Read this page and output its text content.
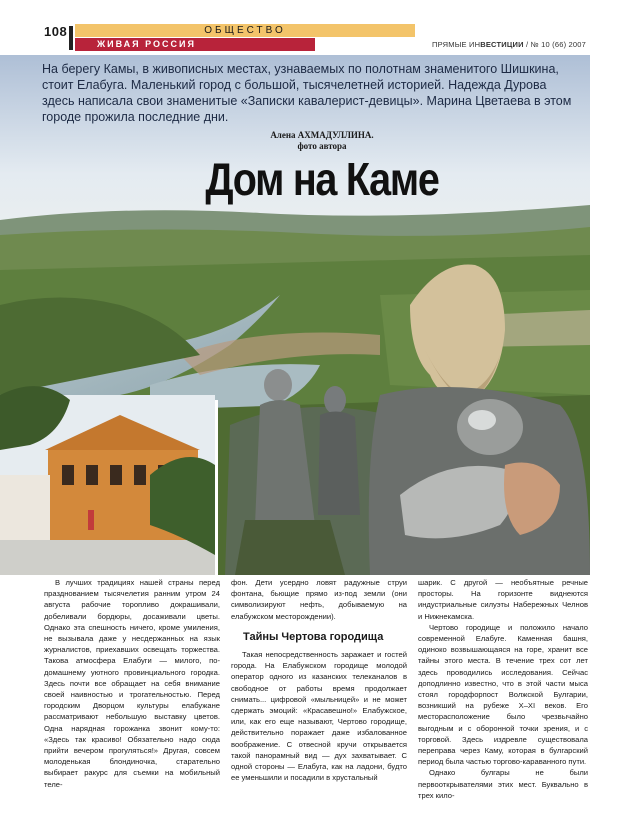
108	ОБЩЕСТВО
ЖИВАЯ РОССИЯ	ПРЯМЫЕ ИНВЕСТИЦИИ / № 10 (66) 2007
На берегу Камы, в живописных местах, узнаваемых по полотнам знаменитого Шишкина, стоит Елабуга. Маленький город с большой, тысячелетней историей. Надежда Дурова здесь написала свои знаменитые «Записки кавалерист-девицы». Марина Цветаева в этом городе прожила последние дни.
Алена АХМАДУЛЛИНА.
фото автора
Дом на Каме

В лучших традициях нашей страны перед празднованием тысячелетия ранним утром 24 августа рабочие торопливо докрашивали, добеливали бордюры, досаживали цветы. Однако эта спешность ничего, кроме умиления, не вызывала даже у несдержанных на язык журналистов, приехавших освещать торжества. Такова атмосфера Елабуги — милого, по-домашнему уютного провинциального городка. Здесь почти все обращает на себя внимание своей наивностью и трогательностью. Перед городским Дворцом культуры елабужане рассматривают небольшую выставку цветов. Одна нарядная горожанка звонит кому-то: «Здесь так красиво! Обязательно надо сюда прийти вечером прогуляться!» Другая, совсем молоденькая блондиночка, старательно выбирает ракурс для съемки на мобильный теле-

фон. Дети усердно ловят радужные струи фонтана, бьющие прямо из-под земли (они символизируют нефть, добываемую на елабужском месторождении).

Тайны Чертова городища

Такая непосредственность заражает и гостей города. На Елабужском городище молодой оператор одного из казанских телеканалов в свободное от работы время продолжает снимать... цифровой «мыльницей» и не может сдержать эмоций: «Красавешно!» Елабужское, или, как его еще называют, Чертово городище, действительно поражает даже избалованное воображение. С отвесной кручи открывается такой панорамный вид — дух захватывает. С одной стороны — Елабуга, как на ладони, будто ее уменьшили и посадили в хрустальный

шарик. С другой — необъятные речные просторы. На горизонте виднеются индустриальные силуэты Набережных Челнов и Нижнекамска.

Чертово городище и положило начало современной Елабуге. Каменная башня, одиноко возвышающаяся на горе, хранит все тайны этого места. В течение трех сот лет здесь проводились исследования. Сейчас доподлинно известно, что в этой части мыса стоял городфорпост Волжской Булгарии, возникший на рубеже X–XI веков. Его месторасположение было чрезвычайно выгодным и с оборонной точки зрения, и с торговой. Здесь издревле существовала переправа через Каму, которая в булгарский период была частью торгово-караванного пути.

Однако булгары не были первооткрывателями этих мест. Буквально в трех кило-
